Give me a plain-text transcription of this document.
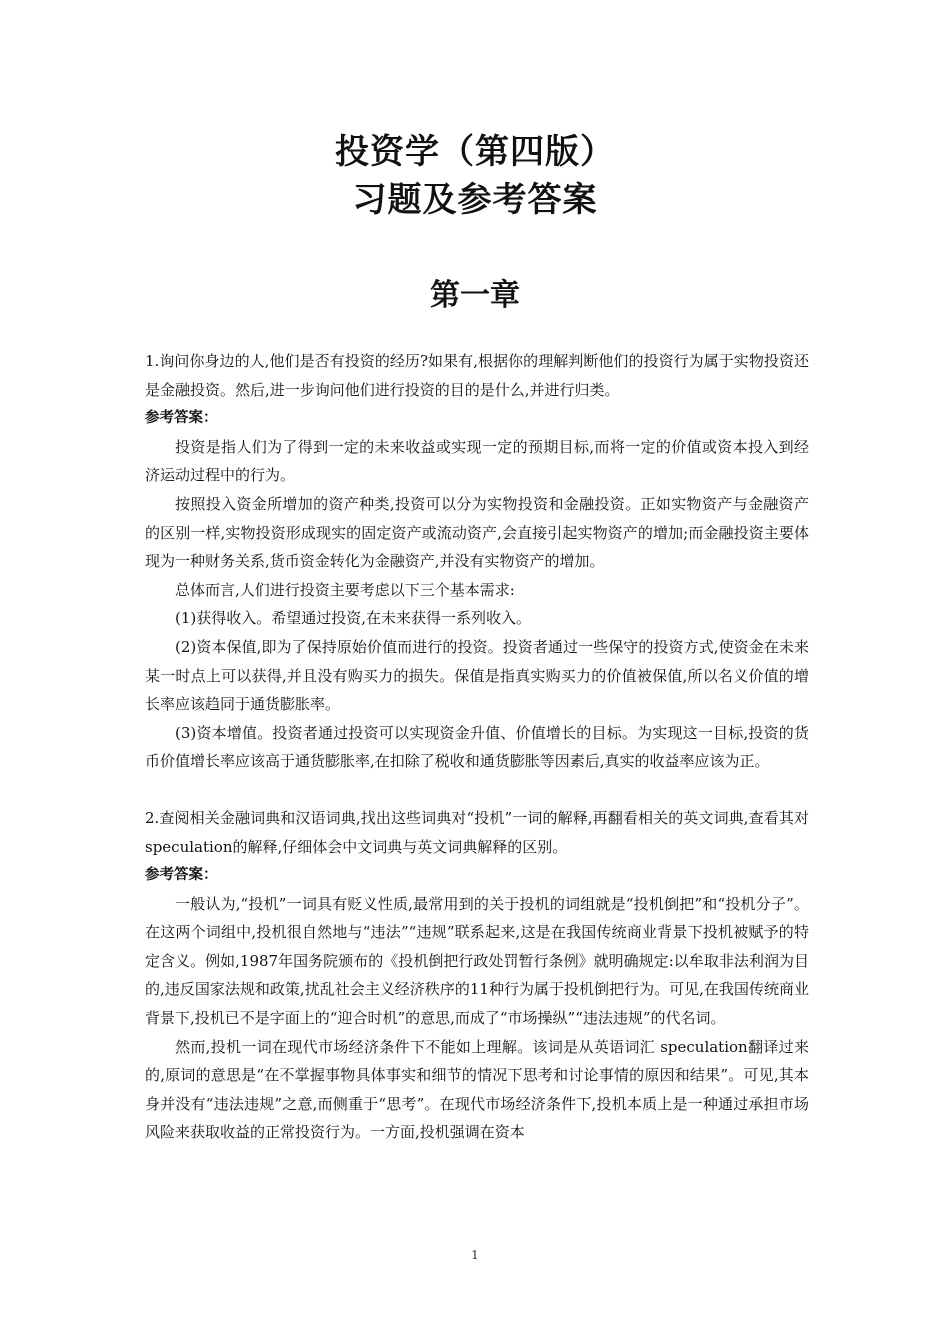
投资学（第四版）
习题及参考答案
第一章

1.询问你身边的人,他们是否有投资的经历?如果有,根据你的理解判断他们的投资行为属于实物投资还是金融投资。然后,进一步询问他们进行投资的目的是什么,并进行归类。

参考答案：

投资是指人们为了得到一定的未来收益或实现一定的预期目标,而将一定的价值或资本投入到经济运动过程中的行为。

按照投入资金所增加的资产种类,投资可以分为实物投资和金融投资。正如实物资产与金融资产的区别一样,实物投资形成现实的固定资产或流动资产,会直接引起实物资产的增加;而金融投资主要体现为一种财务关系,货币资金转化为金融资产,并没有实物资产的增加。

总体而言,人们进行投资主要考虑以下三个基本需求:

(1)获得收入。希望通过投资,在未来获得一系列收入。

(2)资本保值,即为了保持原始价值而进行的投资。投资者通过一些保守的投资方式,使资金在未来某一时点上可以获得,并且没有购买力的损失。保值是指真实购买力的价值被保值,所以名义价值的增长率应该趋同于通货膨胀率。

(3)资本增值。投资者通过投资可以实现资金升值、价值增长的目标。为实现这一目标,投资的货币价值增长率应该高于通货膨胀率,在扣除了税收和通货膨胀等因素后,真实的收益率应该为正。

2.查阅相关金融词典和汉语词典,找出这些词典对“投机”一词的解释,再翻看相关的英文词典,查看其对speculation的解释,仔细体会中文词典与英文词典解释的区别。

参考答案：

一般认为,“投机”一词具有贬义性质,最常用到的关于投机的词组就是“投机倒把”和“投机分子”。在这两个词组中,投机很自然地与“违法”“违规”联系起来,这是在我国传统商业背景下投机被赋予的特定含义。例如,1987年国务院颁布的《投机倒把行政处罚暂行条例》就明确规定:以牟取非法利润为目的,违反国家法规和政策,扰乱社会主义经济秩序的11种行为属于投机倒把行为。可见,在我国传统商业背景下,投机已不是字面上的“迎合时机”的意思,而成了“市场操纵”“违法违规”的代名词。

然而,投机一词在现代市场经济条件下不能如上理解。该词是从英语词汇 speculation翻译过来的,原词的意思是“在不掌握事物具体事实和细节的情况下思考和讨论事情的原因和结果”。可见,其本身并没有“违法违规”之意,而侧重于“思考”。在现代市场经济条件下,投机本质上是一种通过承担市场风险来获取收益的正常投资行为。一方面,投机强调在资本

1
